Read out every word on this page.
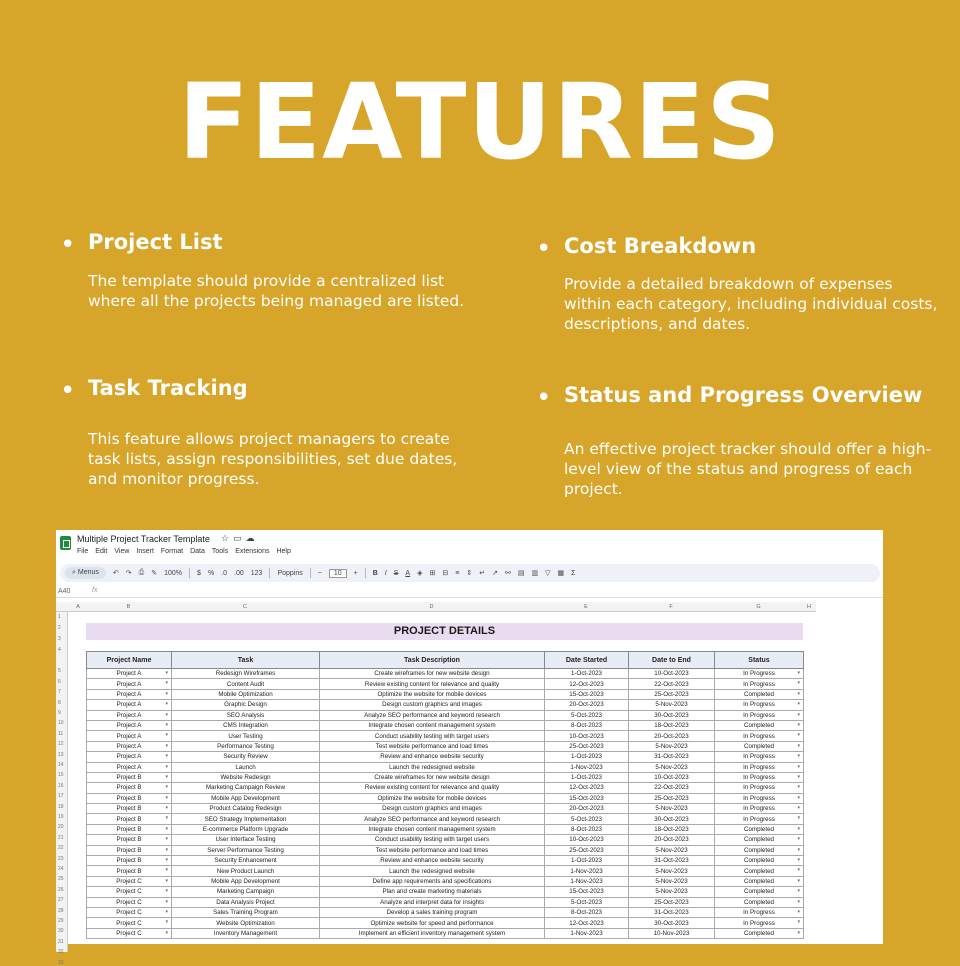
FEATURES
• Project List

The template should provide a centralized list where all the projects being managed are listed.

• Cost Breakdown

Provide a detailed breakdown of expenses within each category, including individual costs, descriptions, and dates.

• Task Tracking

This feature allows project managers to create task lists, assign responsibilities, set due dates, and monitor progress.

• Status and Progress Overview

An effective project tracker should offer a high-level view of the status and progress of each project.

Multiple Project Tracker Template ☆▭☁
File Edit View Insert Format Data Tools Extensions Help
⌕ Menus	↶ ↷ ⎙ ✎ 100% $ % .0 .00 123 Poppins −	10	+ B I S A ◈ ⊞ ⊟ ≡ ⇕ ↵ ↗ ⚯ ▤ ▥ ▽ ▦ Σ
A40	fx
A	B	C	D	E	F	G	H
1
2
3
4
5
6
7
8
9
10
11
12
13
14
15
16
17
18
19
20
21
22
23
24
25
26
27
28
29
30
31
32
33
PROJECT DETAILS
Project Name	Task	Task Description	Date Started	Date to End	Status
Project A ▾	Redesign Wireframes	Create wireframes for new website design	1-Oct-2023	10-Oct-2023	In Progress ▾
Project A ▾	Content Audit	Review existing content for relevance and quality	12-Oct-2023	22-Oct-2023	In Progress ▾
Project A ▾	Mobile Optimization	Optimize the website for mobile devices	15-Oct-2023	25-Oct-2023	Completed ▾
Project A ▾	Graphic Design	Design custom graphics and images	20-Oct-2023	5-Nov-2023	In Progress ▾
Project A ▾	SEO Analysis	Analyze SEO performance and keyword research	5-Oct-2023	30-Oct-2023	In Progress ▾
Project A ▾	CMS Integration	Integrate chosen content management system	8-Oct-2023	18-Oct-2023	Completed ▾
Project A ▾	User Testing	Conduct usability testing with target users	10-Oct-2023	20-Oct-2023	In Progress ▾
Project A ▾	Performance Testing	Test website performance and load times	25-Oct-2023	5-Nov-2023	Completed ▾
Project A ▾	Security Review	Review and enhance website security	1-Oct-2023	31-Oct-2023	In Progress ▾
Project A ▾	Launch	Launch the redesigned website	1-Nov-2023	5-Nov-2023	In Progress ▾
Project B ▾	Website Redesign	Create wireframes for new website design	1-Oct-2023	10-Oct-2023	In Progress ▾
Project B ▾	Marketing Campaign Review	Review existing content for relevance and quality	12-Oct-2023	22-Oct-2023	In Progress ▾
Project B ▾	Mobile App Development	Optimize the website for mobile devices	15-Oct-2023	25-Oct-2023	In Progress ▾
Project B ▾	Product Catalog Redesign	Design custom graphics and images	20-Oct-2023	5-Nov-2023	In Progress ▾
Project B ▾	SEO Strategy Implementation	Analyze SEO performance and keyword research	5-Oct-2023	30-Oct-2023	In Progress ▾
Project B ▾	E-commerce Platform Upgrade	Integrate chosen content management system	8-Oct-2023	18-Oct-2023	Completed ▾
Project B ▾	User Interface Testing	Conduct usability testing with target users	10-Oct-2023	20-Oct-2023	Completed ▾
Project B ▾	Server Performance Testing	Test website performance and load times	25-Oct-2023	5-Nov-2023	Completed ▾
Project B ▾	Security Enhancement	Review and enhance website security	1-Oct-2023	31-Oct-2023	Completed ▾
Project B ▾	New Product Launch	Launch the redesigned website	1-Nov-2023	5-Nov-2023	Completed ▾
Project C ▾	Mobile App Development	Define app requirements and specifications	1-Nov-2023	5-Nov-2023	Completed ▾
Project C ▾	Marketing Campaign	Plan and create marketing materials	15-Oct-2023	5-Nov-2023	Completed ▾
Project C ▾	Data Analysis Project	Analyze and interpret data for insights	5-Oct-2023	25-Oct-2023	Completed ▾
Project C ▾	Sales Training Program	Develop a sales training program	8-Oct-2023	31-Oct-2023	In Progress ▾
Project C ▾	Website Optimization	Optimize website for speed and performance	12-Oct-2023	30-Oct-2023	In Progress ▾
Project C ▾	Inventory Management	Implement an efficient inventory management system	1-Nov-2023	10-Nov-2023	Completed ▾
